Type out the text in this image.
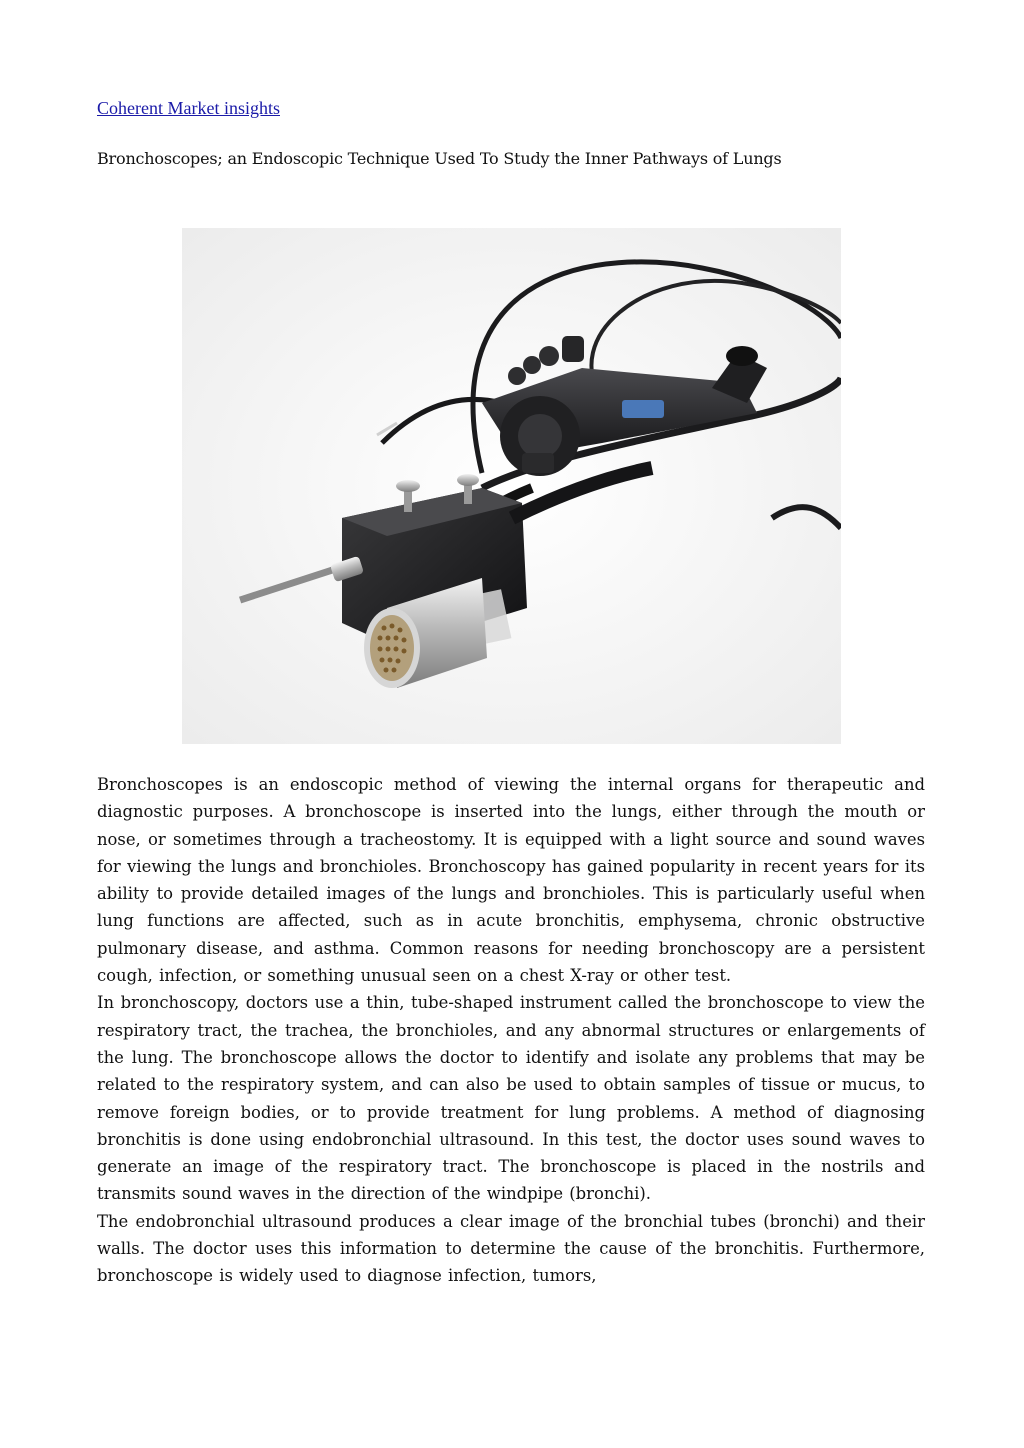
Coherent Market insights
Bronchoscopes; an Endoscopic Technique Used To Study the Inner Pathways of Lungs

Bronchoscopes is an endoscopic method of viewing the internal organs for therapeutic and diagnostic purposes. A bronchoscope is inserted into the lungs, either through the mouth or nose, or sometimes through a tracheostomy. It is equipped with a light source and sound waves for viewing the lungs and bronchioles. Bronchoscopy has gained popularity in recent years for its ability to provide detailed images of the lungs and bronchioles. This is particularly useful when lung functions are affected, such as in acute bronchitis, emphysema, chronic obstructive pulmonary disease, and asthma. Common reasons for needing bronchoscopy are a persistent cough, infection, or something unusual seen on a chest X-ray or other test.

In bronchoscopy, doctors use a thin, tube-shaped instrument called the bronchoscope to view the respiratory tract, the trachea, the bronchioles, and any abnormal structures or enlargements of the lung. The bronchoscope allows the doctor to identify and isolate any problems that may be related to the respiratory system, and can also be used to obtain samples of tissue or mucus, to remove foreign bodies, or to provide treatment for lung problems. A method of diagnosing bronchitis is done using endobronchial ultrasound. In this test, the doctor uses sound waves to generate an image of the respiratory tract. The bronchoscope is placed in the nostrils and transmits sound waves in the direction of the windpipe (bronchi).

The endobronchial ultrasound produces a clear image of the bronchial tubes (bronchi) and their walls. The doctor uses this information to determine the cause of the bronchitis. Furthermore, bronchoscope is widely used to diagnose infection, tumors,
